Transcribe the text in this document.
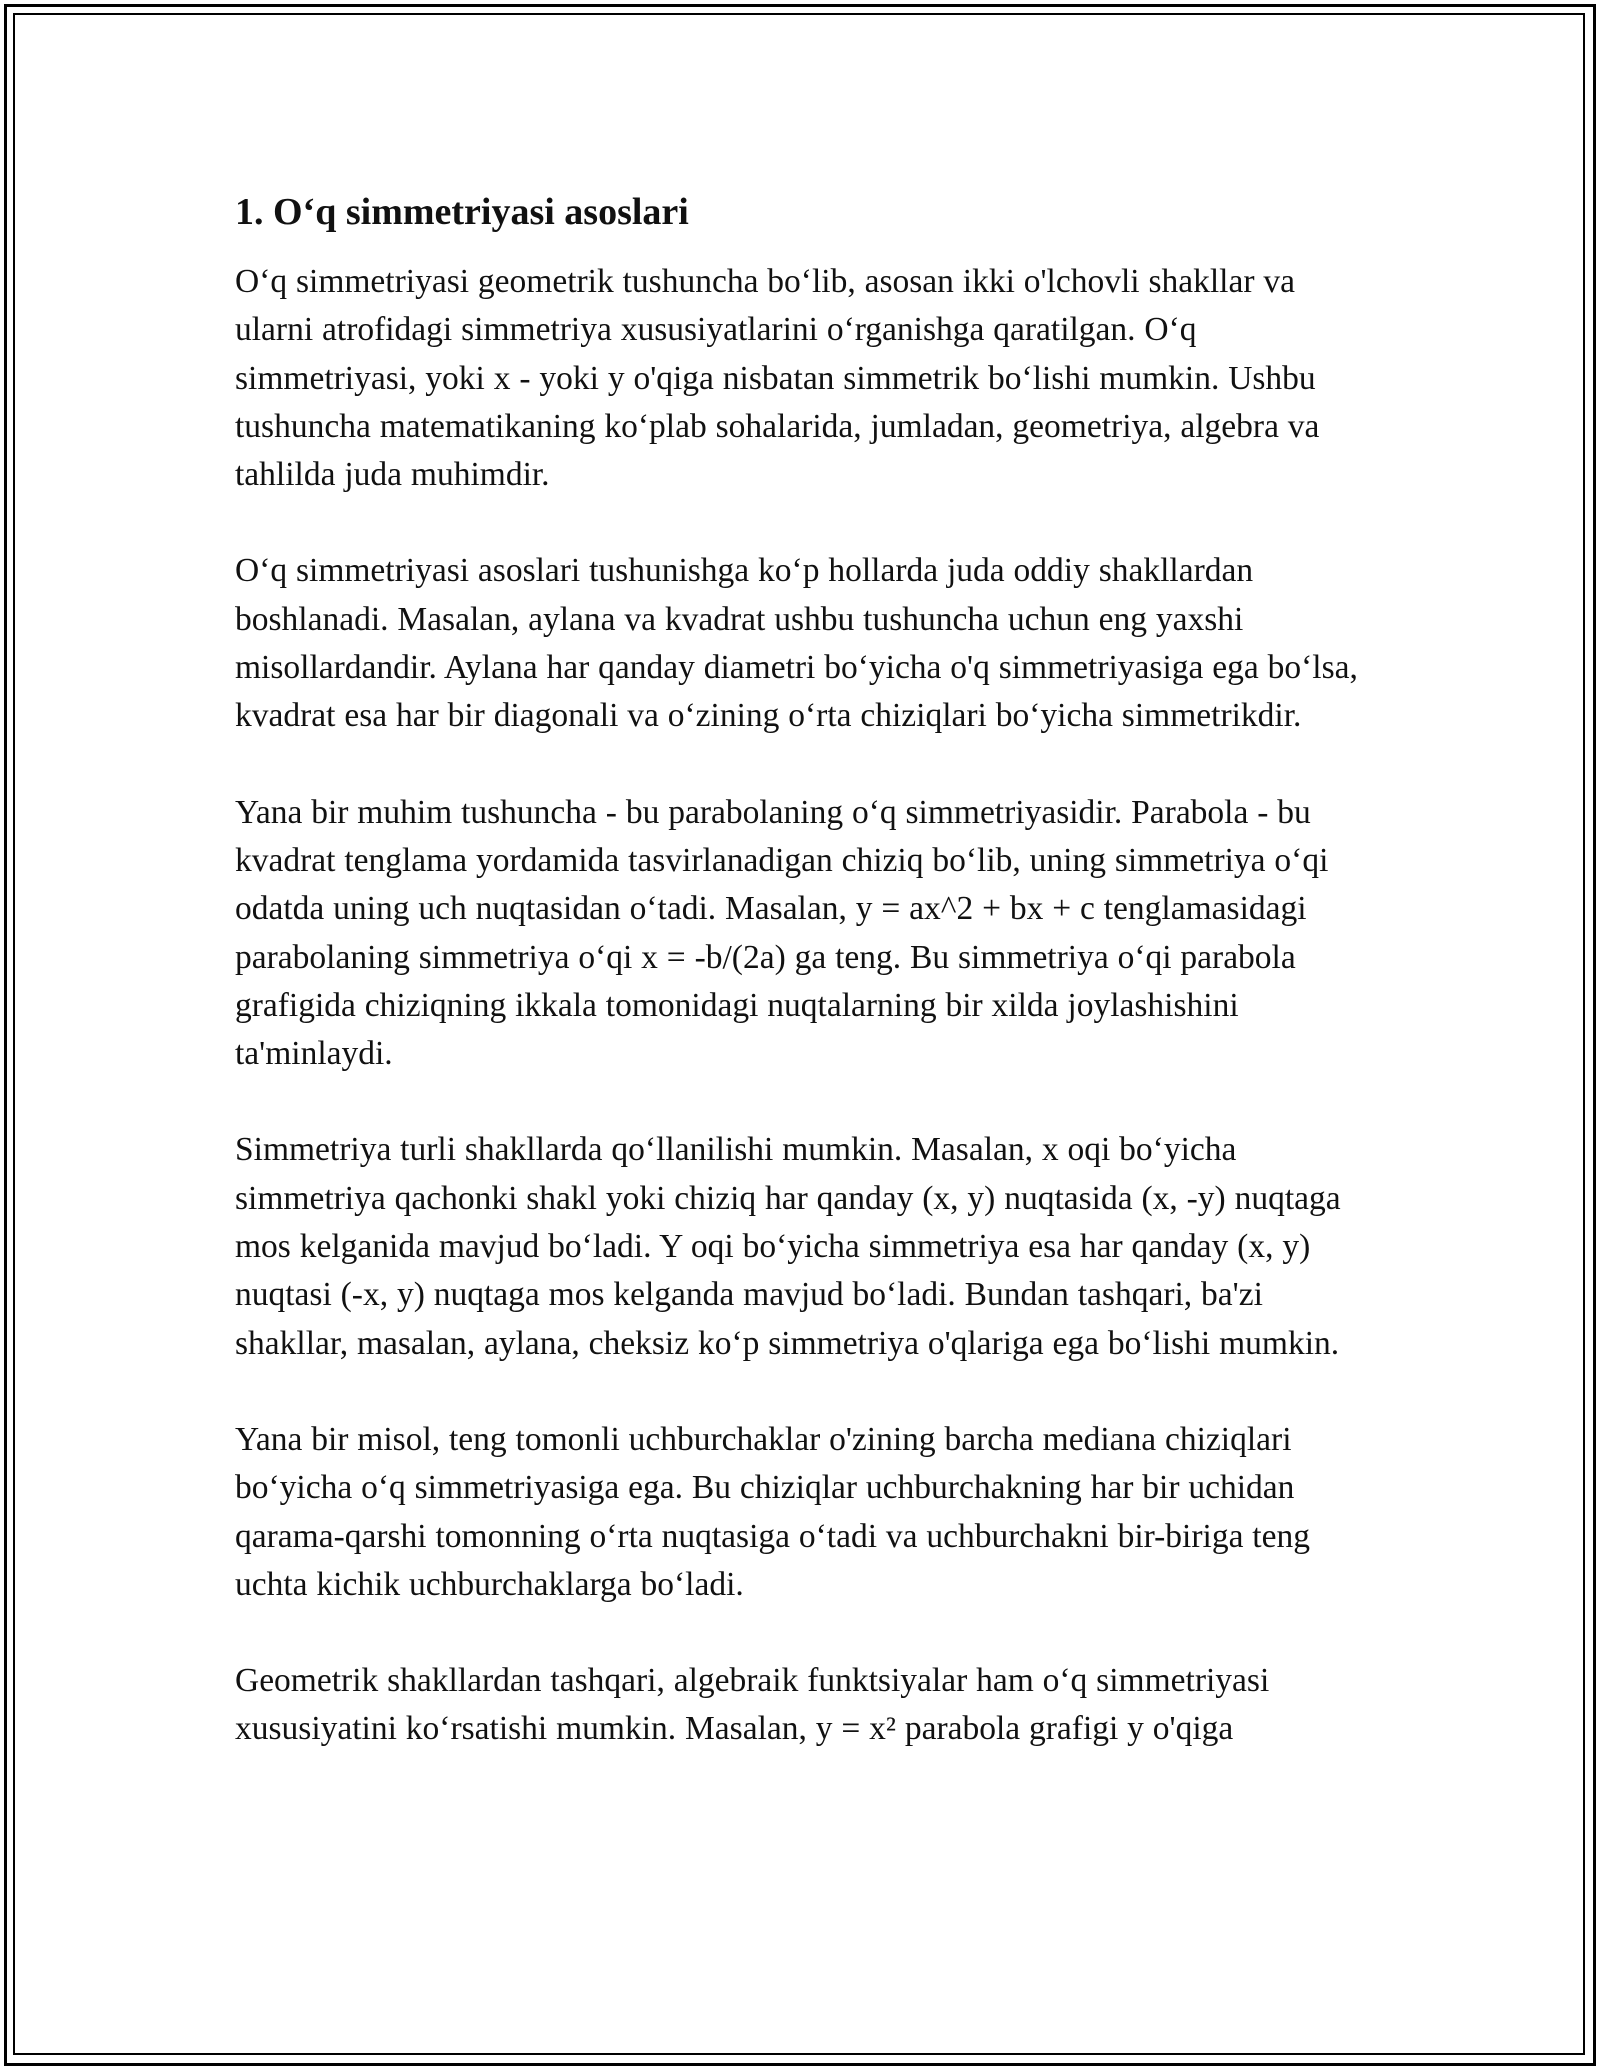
1. O‘q simmetriyasi asoslari

O‘q simmetriyasi geometrik tushuncha bo‘lib, asosan ikki o'lchovli shakllar va ularni atrofidagi simmetriya xususiyatlarini o‘rganishga qaratilgan. O‘q simmetriyasi, yoki x - yoki y o'qiga nisbatan simmetrik bo‘lishi mumkin. Ushbu tushuncha matematikaning ko‘plab sohalarida, jumladan, geometriya, algebra va tahlilda juda muhimdir.

O‘q simmetriyasi asoslari tushunishga ko‘p hollarda juda oddiy shakllardan boshlanadi. Masalan, aylana va kvadrat ushbu tushuncha uchun eng yaxshi misollardandir. Aylana har qanday diametri bo‘yicha o'q simmetriyasiga ega bo‘lsa, kvadrat esa har bir diagonali va o‘zining o‘rta chiziqlari bo‘yicha simmetrikdir.

Yana bir muhim tushuncha - bu parabolaning o‘q simmetriyasidir. Parabola - bu kvadrat tenglama yordamida tasvirlanadigan chiziq bo‘lib, uning simmetriya o‘qi odatda uning uch nuqtasidan o‘tadi. Masalan, y = ax^2 + bx + c tenglamasidagi parabolaning simmetriya o‘qi x = -b/(2a) ga teng. Bu simmetriya o‘qi parabola grafigida chiziqning ikkala tomonidagi nuqtalarning bir xilda joylashishini ta'minlaydi.

Simmetriya turli shakllarda qo‘llanilishi mumkin. Masalan, x oqi bo‘yicha simmetriya qachonki shakl yoki chiziq har qanday (x, y) nuqtasida (x, -y) nuqtaga mos kelganida mavjud bo‘ladi. Y oqi bo‘yicha simmetriya esa har qanday (x, y) nuqtasi (-x, y) nuqtaga mos kelganda mavjud bo‘ladi. Bundan tashqari, ba'zi shakllar, masalan, aylana, cheksiz ko‘p simmetriya o'qlariga ega bo‘lishi mumkin.

Yana bir misol, teng tomonli uchburchaklar o'zining barcha mediana chiziqlari bo‘yicha o‘q simmetriyasiga ega. Bu chiziqlar uchburchakning har bir uchidan qarama-qarshi tomonning o‘rta nuqtasiga o‘tadi va uchburchakni bir-biriga teng uchta kichik uchburchaklarga bo‘ladi.

Geometrik shakllardan tashqari, algebraik funktsiyalar ham o‘q simmetriyasi xususiyatini ko‘rsatishi mumkin. Masalan, y = x² parabola grafigi y o'qiga
